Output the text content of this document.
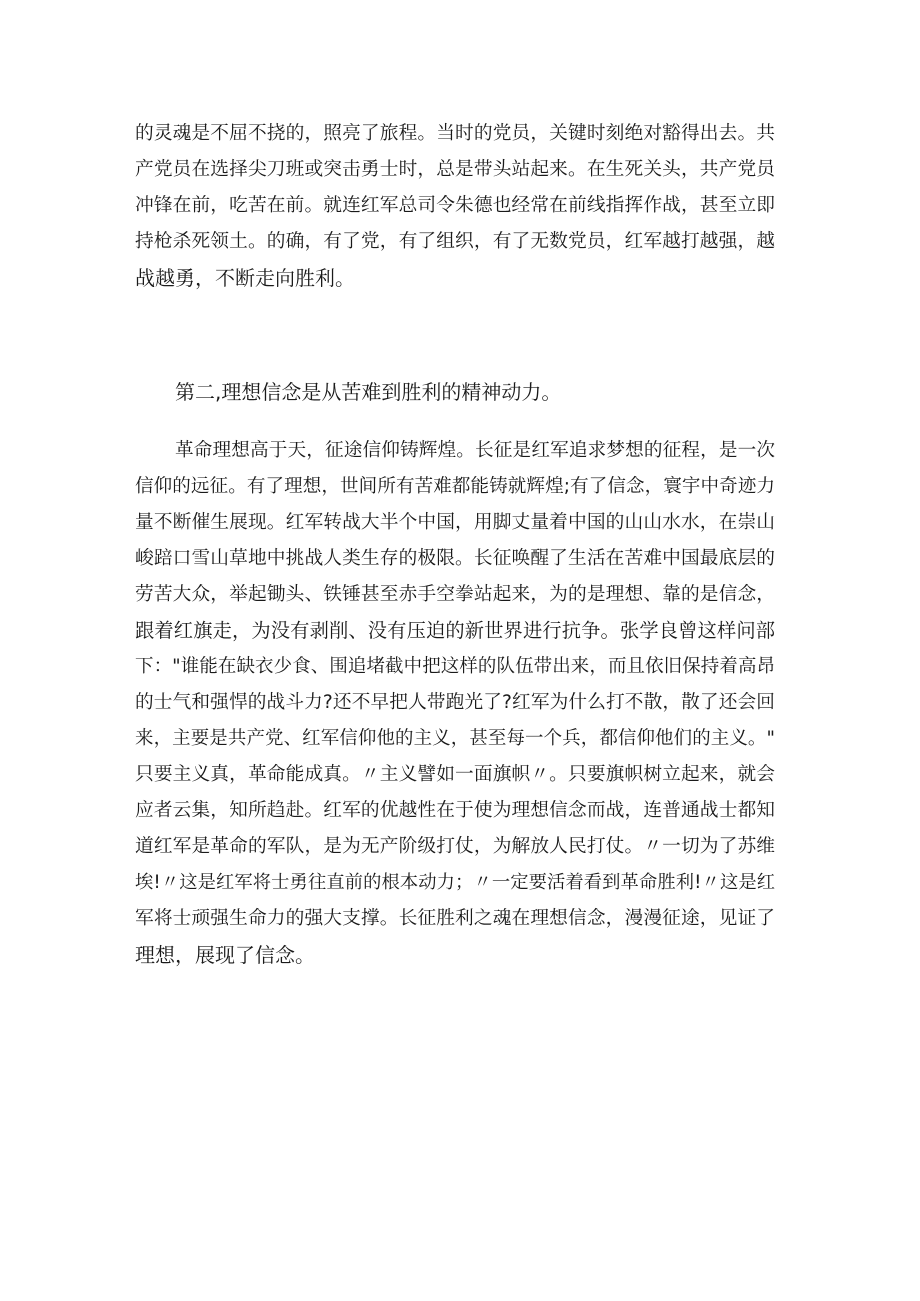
的灵魂是不屈不挠的，照亮了旅程。当时的党员，关键时刻绝对豁得出去。共
产党员在选择尖刀班或突击勇士时，总是带头站起来。在生死关头，共产党员
冲锋在前，吃苦在前。就连红军总司令朱德也经常在前线指挥作战，甚至立即
持枪杀死领土。的确，有了党，有了组织，有了无数党员，红军越打越强，越
战越勇，不断走向胜利。
第二,理想信念是从苦难到胜利的精神动力。
革命理想高于天，征途信仰铸辉煌。长征是红军追求梦想的征程，是一次
信仰的远征。有了理想，世间所有苦难都能铸就辉煌;有了信念，寰宇中奇迹力
量不断催生展现。红军转战大半个中国，用脚丈量着中国的山山水水，在崇山
峻踣口雪山草地中挑战人类生存的极限。长征唤醒了生活在苦难中国最底层的
劳苦大众，举起锄头、铁锤甚至赤手空拳站起来，为的是理想、靠的是信念，
跟着红旗走，为没有剥削、没有压迫的新世界进行抗争。张学良曾这样问部
下："谁能在缺衣少食、围追堵截中把这样的队伍带出来，而且依旧保持着高昂
的士气和强悍的战斗力?还不早把人带跑光了?红军为什么打不散，散了还会回
来，主要是共产党、红军信仰他的主义，甚至每一个兵，都信仰他们的主义。"
只要主义真，革命能成真。〃主义譬如一面旗帜〃。只要旗帜树立起来，就会
应者云集，知所趋赴。红军的优越性在于使为理想信念而战，连普通战士都知
道红军是革命的军队，是为无产阶级打仗，为解放人民打仗。〃一切为了苏维
埃!〃这是红军将士勇往直前的根本动力；〃一定要活着看到革命胜利!〃这是红
军将士顽强生命力的强大支撑。长征胜利之魂在理想信念，漫漫征途，见证了
理想，展现了信念。
